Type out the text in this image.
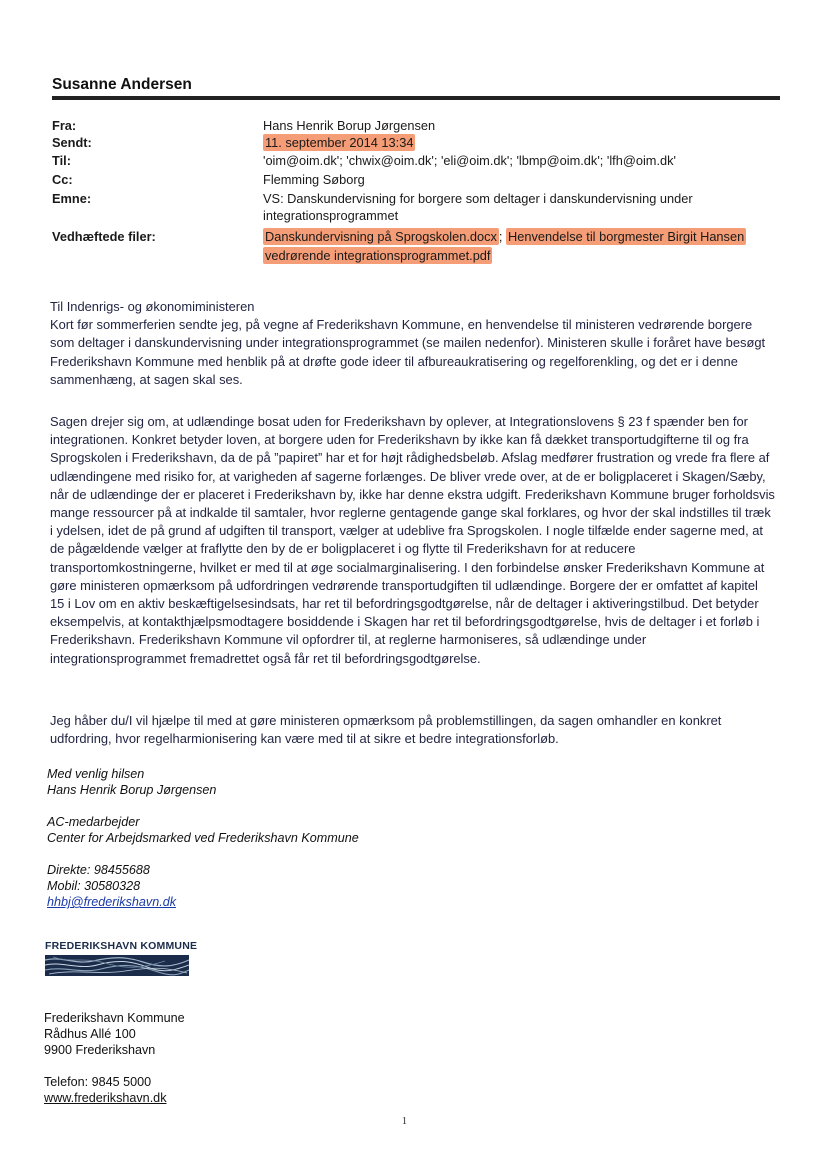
Susanne Andersen
Fra:	Hans Henrik Borup Jørgensen
Sendt:	11. september 2014 13:34
Til:	'oim@oim.dk'; 'chwix@oim.dk'; 'eli@oim.dk'; 'lbmp@oim.dk'; 'lfh@oim.dk'
Cc:	Flemming Søborg
Emne:	VS: Danskundervisning for borgere som deltager i danskundervisning under
integrationsprogrammet
Vedhæftede filer:	Danskundervisning på Sprogskolen.docx ; Henvendelse til borgmester Birgit Hansen
vedrørende integrationsprogrammet.pdf

Til Indenrigs- og økonomiministeren

Kort før sommerferien sendte jeg, på vegne af Frederikshavn Kommune, en henvendelse til ministeren vedrørende borgere som deltager i danskundervisning under integrationsprogrammet (se mailen nedenfor). Ministeren skulle i foråret have besøgt Frederikshavn Kommune med henblik på at drøfte gode ideer til afbureaukratisering og regelforenkling, og det er i denne sammenhæng, at sagen skal ses.

Sagen drejer sig om, at udlændinge bosat uden for Frederikshavn by oplever, at Integrationslovens § 23 f spænder ben for integrationen. Konkret betyder loven, at borgere uden for Frederikshavn by ikke kan få dækket transportudgifterne til og fra Sprogskolen i Frederikshavn, da de på ”papiret” har et for højt rådighedsbeløb. Afslag medfører frustration og vrede fra flere af udlændingene med risiko for, at varigheden af sagerne forlænges. De bliver vrede over, at de er boligplaceret i Skagen/Sæby, når de udlændinge der er placeret i Frederikshavn by, ikke har denne ekstra udgift. Frederikshavn Kommune bruger forholdsvis mange ressourcer på at indkalde til samtaler, hvor reglerne gentagende gange skal forklares, og hvor der skal indstilles til træk i ydelsen, idet de på grund af udgiften til transport, vælger at udeblive fra Sprogskolen. I nogle tilfælde ender sagerne med, at de pågældende vælger at fraflytte den by de er boligplaceret i og flytte til Frederikshavn for at reducere transportomkostningerne, hvilket er med til at øge socialmarginalisering. I den forbindelse ønsker Frederikshavn Kommune at gøre ministeren opmærksom på udfordringen vedrørende transportudgiften til udlændinge. Borgere der er omfattet af kapitel 15 i Lov om en aktiv beskæftigelsesindsats, har ret til befordringsgodtgørelse, når de deltager i aktiveringstilbud. Det betyder eksempelvis, at kontakthjælpsmodtagere bosiddende i Skagen har ret til befordringsgodtgørelse, hvis de deltager i et forløb i Frederikshavn. Frederikshavn Kommune vil opfordrer til, at reglerne harmoniseres, så udlændinge under integrationsprogrammet fremadrettet også får ret til befordringsgodtgørelse.

Jeg håber du/I vil hjælpe til med at gøre ministeren opmærksom på problemstillingen, da sagen omhandler en konkret udfordring, hvor regelharmionisering kan være med til at sikre et bedre integrationsforløb.

Med venlig hilsen
Hans Henrik Borup Jørgensen
AC-medarbejder
Center for Arbejdsmarked ved Frederikshavn Kommune
Direkte: 98455688
Mobil: 30580328
hhbj@frederikshavn.dk
FREDERIKSHAVN KOMMUNE
Frederikshavn Kommune
Rådhus Allé 100
9900 Frederikshavn
Telefon: 9845 5000
www.frederikshavn.dk
1
